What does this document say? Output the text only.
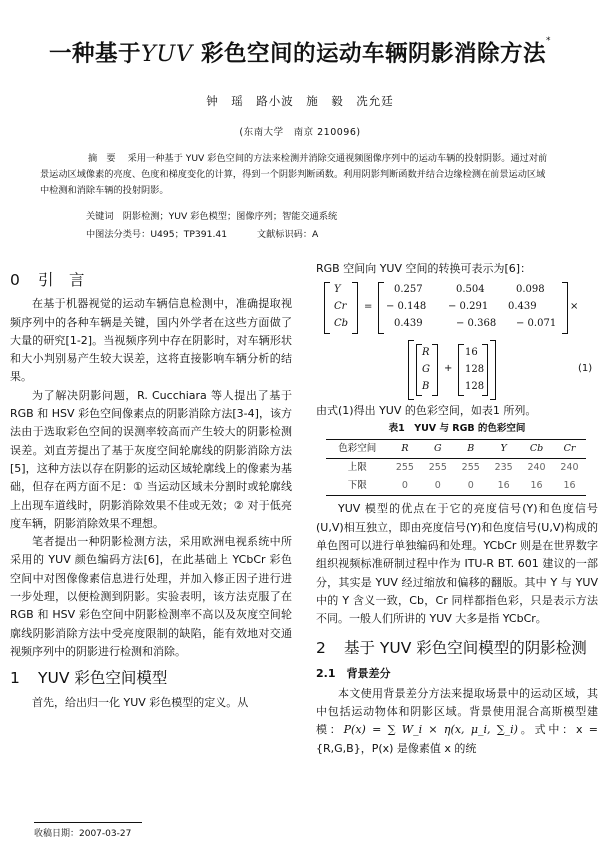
一种基于YUV 彩色空间的运动车辆阴影消除方法*
钟　瑶　路小波　施　毅　冼允廷
(东南大学　南京 210096)
摘　要　 采用一种基于 YUV 彩色空间的方法来检测并消除交通视频图像序列中的运动车辆的投射阴影。通过对前景运动区域像素的亮度、色度和梯度变化的计算，得到一个阴影判断函数。利用阴影判断函数并结合边缘检测在前景运动区域中检测和消除车辆的投射阴影。
关键词　 阴影检测；YUV 彩色模型；图像序列；智能交通系统
中图法分类号：U495；TP391.41	文献标识码：A
0	引　言

在基于机器视觉的运动车辆信息检测中，准确提取视频序列中的各种车辆是关键，国内外学者在这些方面做了大量的研究[1-2]。当视频序列中存在阴影时，对车辆形状和大小判别易产生较大误差，这将直接影响车辆分析的结果。

为了解决阴影问题，R. Cucchiara 等人提出了基于 RGB 和 HSV 彩色空间像素点的阴影消除方法[3-4]，该方法由于选取彩色空间的误测率较高而产生较大的阴影检测误差。刘直芳提出了基于灰度空间轮廓线的阴影消除方法[5]，这种方法以存在阴影的运动区域轮廓线上的像素为基础，但存在两方面不足：① 当运动区域未分割时或轮廓线上出现车道线时，阴影消除效果不佳或无效；② 对于低亮度车辆，阴影消除效果不理想。

笔者提出一种阴影检测方法，采用欧洲电视系统中所采用的 YUV 颜色编码方法[6]，在此基础上 YCbCr 彩色空间中对图像像素信息进行处理，并加入修正因子进行进一步处理，以便检测到阴影。实验表明，该方法克服了在 RGB 和 HSV 彩色空间中阴影检测率不高以及灰度空间轮廓线阴影消除方法中受亮度限制的缺陷，能有效地对交通视频序列中的阴影进行检测和消除。

1	YUV 彩色空间模型

首先，给出归一化 YUV 彩色模型的定义。从

RGB 空间向 YUV 空间的转换可表示为[6]：
Y
Cr
Cb
=
0.257	0.504	0.098
− 0.148	− 0.291	0.439
0.439	− 0.368	− 0.071
×
R
G
B
+
16
128
128
(1)
由式(1)得出 YUV 的色彩空间，如表1 所列。
表1　YUV 与 RGB 的色彩空间
色彩空间	R	G	B	Y	Cb	Cr
上限	255	255	255	235	240	240
下限	0	0	0	16	16	16

YUV 模型的优点在于它的亮度信号(Y)和色度信号(U,V)相互独立，即由亮度信号(Y)和色度信号(U,V)构成的单色图可以进行单独编码和处理。YCbCr 则是在世界数字组织视频标准研制过程中作为 ITU-R BT. 601 建议的一部分，其实是 YUV 经过缩放和偏移的翻版。其中 Y 与 YUV 中的 Y 含义一致，Cb，Cr 同样都指色彩，只是表示方法不同。一般人们所讲的 YUV 大多是指 YCbCr。

2	基于 YUV 彩色空间模型的阴影检测
2.1　背景差分

本文使用背景差分方法来提取场景中的运动区域，其中包括运动物体和阴影区域。背景使用混合高斯模型建模：P(x) = ∑ W_i × η(x, μ_i, ∑_i)。式中：x = {R,G,B}，P(x) 是像素值 x 的统

收稿日期：2007-03-27
